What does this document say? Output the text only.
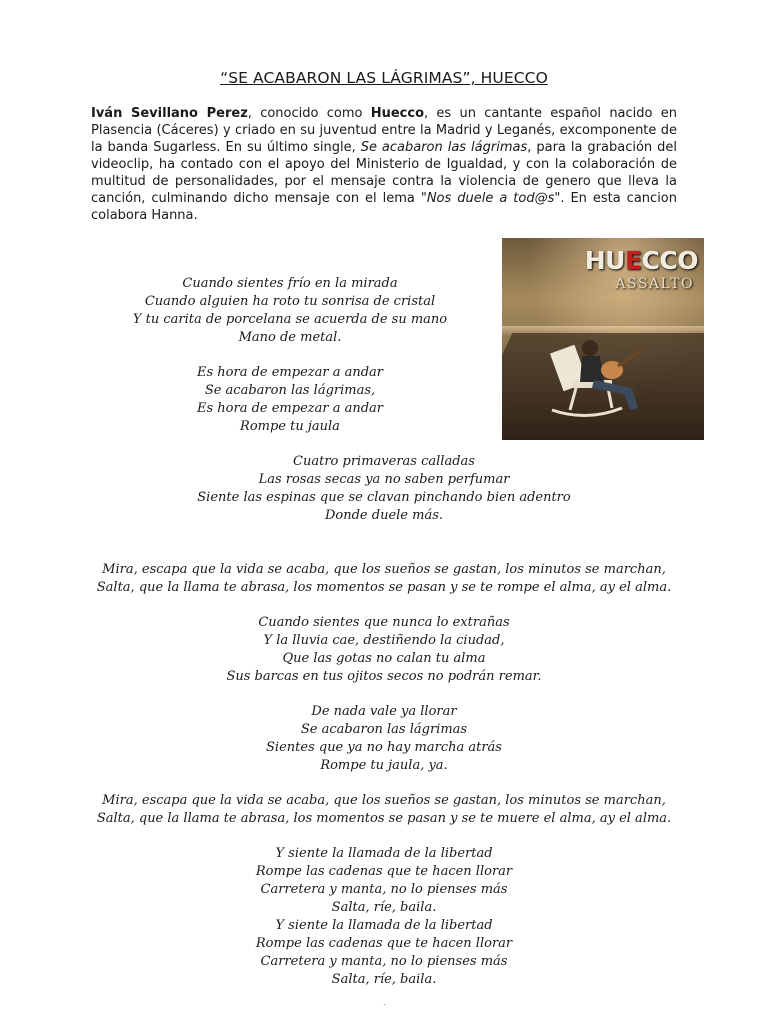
“SE ACABARON LAS LÁGRIMAS”, HUECCO

Iván Sevillano Perez, conocido como Huecco, es un cantante español nacido en Plasencia (Cáceres) y criado en su juventud entre la Madrid y Leganés, excomponente de la banda Sugarless. En su último single, Se acabaron las lágrimas, para la grabación del videoclip, ha contado con el apoyo del Ministerio de Igualdad, y con la colaboración de multitud de personalidades, por el mensaje contra la violencia de genero que lleva la canción, culminando dicho mensaje con el lema "Nos duele a tod@s". En esta cancion colabora Hanna.

HUECCO
ASSALTO
Cuando sientes frío en la mirada
Cuando alguien ha roto tu sonrisa de cristal
Y tu carita de porcelana se acuerda de su mano
Mano de metal.
Es hora de empezar a andar
Se acabaron las lágrimas,
Es hora de empezar a andar
Rompe tu jaula
Cuatro primaveras calladas
Las rosas secas ya no saben perfumar
Siente las espinas que se clavan pinchando bien adentro
Donde duele más.
Mira, escapa que la vida se acaba, que los sueños se gastan, los minutos se marchan,
Salta, que la llama te abrasa, los momentos se pasan y se te rompe el alma, ay el alma.
Cuando sientes que nunca lo extrañas
Y la lluvia cae, destiñendo la ciudad,
Que las gotas no calan tu alma
Sus barcas en tus ojitos secos no podrán remar.
De nada vale ya llorar
Se acabaron las lágrimas
Sientes que ya no hay marcha atrás
Rompe tu jaula, ya.
Mira, escapa que la vida se acaba, que los sueños se gastan, los minutos se marchan,
Salta, que la llama te abrasa, los momentos se pasan y se te muere el alma, ay el alma.
Y siente la llamada de la libertad
Rompe las cadenas que te hacen llorar
Carretera y manta, no lo pienses más
Salta, ríe, baila.
Y siente la llamada de la libertad
Rompe las cadenas que te hacen llorar
Carretera y manta, no lo pienses más
Salta, ríe, baila.
.
